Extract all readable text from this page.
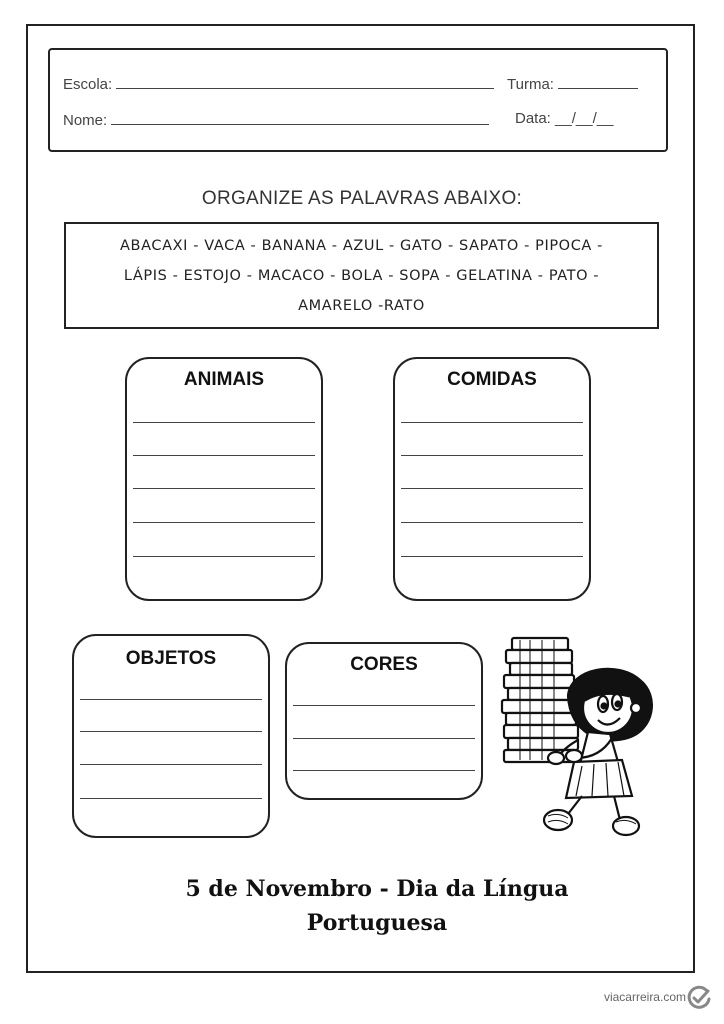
Escola:	Turma:
Nome:	Data: __/__/__
ORGANIZE AS PALAVRAS ABAIXO:
ABACAXI - VACA - BANANA - AZUL - GATO - SAPATO - PIPOCA -
LÁPIS - ESTOJO - MACACO - BOLA - SOPA - GELATINA - PATO -
AMARELO -RATO
ANIMAIS	COMIDAS
OBJETOS	CORES
5 de Novembro - Dia da Língua
Portuguesa
viacarreira.com
